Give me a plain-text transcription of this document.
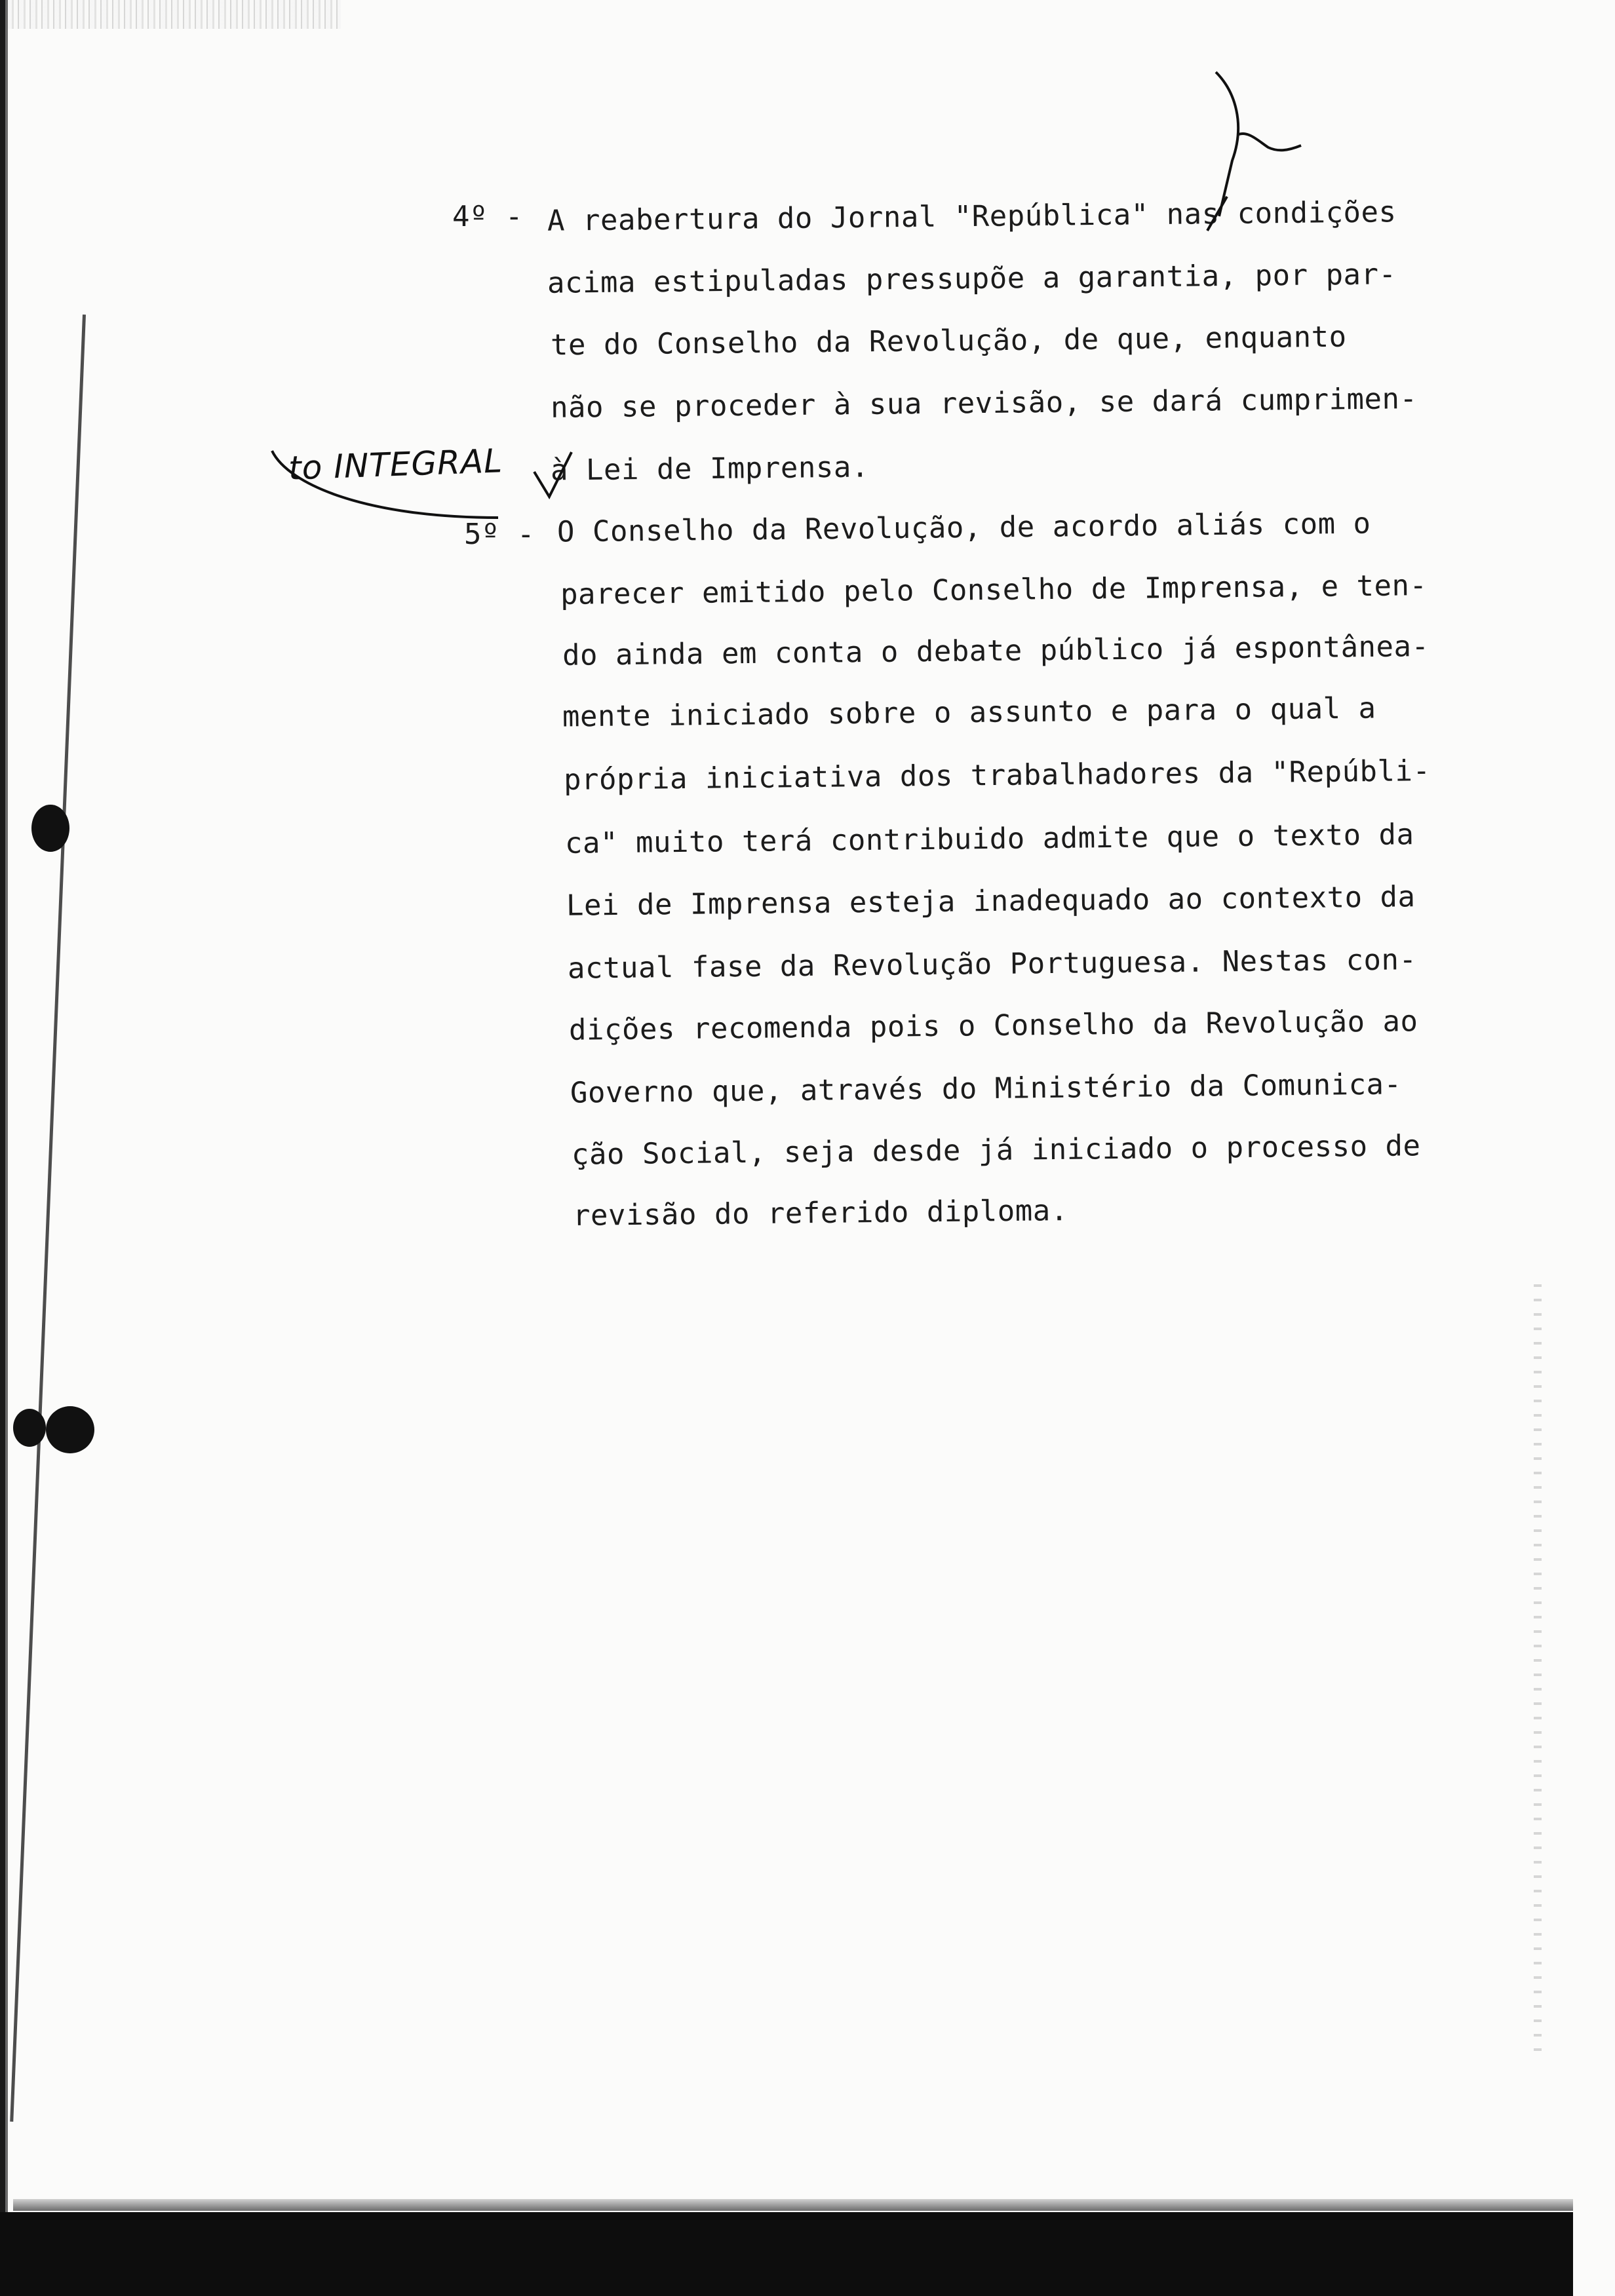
4º - A reabertura do Jornal "República" nas condições
acima estipuladas pressupõe a garantia, por par-
te do Conselho da Revolução, de que, enquanto
não se proceder à sua revisão, se dará cumprimen-
à Lei de Imprensa.
5º - O Conselho da Revolução, de acordo aliás com o
parecer emitido pelo Conselho de Imprensa, e ten-
do ainda em conta o debate público já espontânea-
mente iniciado sobre o assunto e para o qual a
própria iniciativa dos trabalhadores da "Repúbli-
ca" muito terá contribuido admite que o texto da
Lei de Imprensa esteja inadequado ao contexto da
actual fase da Revolução Portuguesa. Nestas con-
dições recomenda pois o Conselho da Revolução ao
Governo que, através do Ministério da Comunica-
ção Social, seja desde já iniciado o processo de
revisão do referido diploma.
to INTEGRAL
